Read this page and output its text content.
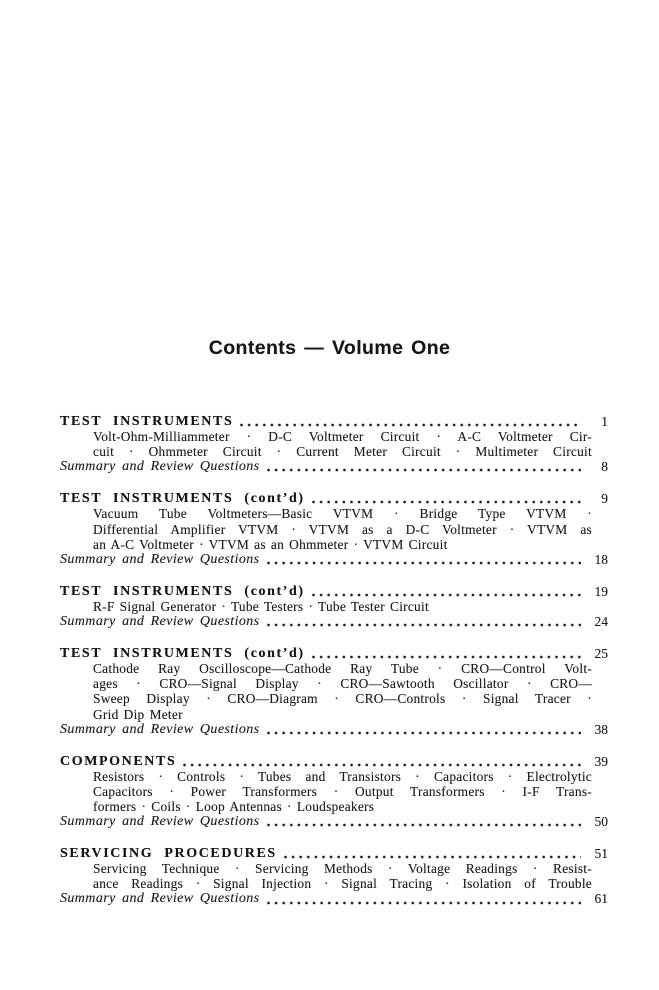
Contents — Volume One
TEST INSTRUMENTS	1
Volt-Ohm-Milliammeter · D-C Voltmeter Circuit · A-C Voltmeter Cir-
cuit · Ohmmeter Circuit · Current Meter Circuit · Multimeter Circuit
Summary and Review Questions	8
TEST INSTRUMENTS (cont’d)	9
Vacuum Tube Voltmeters—Basic VTVM · Bridge Type VTVM ·
Differential Amplifier VTVM · VTVM as a D-C Voltmeter · VTVM as
an A-C Voltmeter · VTVM as an Ohmmeter · VTVM Circuit
Summary and Review Questions	18
TEST INSTRUMENTS (cont’d)	19
R-F Signal Generator · Tube Testers · Tube Tester Circuit
Summary and Review Questions	24
TEST INSTRUMENTS (cont’d)	25
Cathode Ray Oscilloscope—Cathode Ray Tube · CRO—Control Volt-
ages · CRO—Signal Display · CRO—Sawtooth Oscillator · CRO—
Sweep Display · CRO—Diagram · CRO—Controls · Signal Tracer ·
Grid Dip Meter
Summary and Review Questions	38
COMPONENTS	39
Resistors · Controls · Tubes and Transistors · Capacitors · Electrolytic
Capacitors · Power Transformers · Output Transformers · I-F Trans-
formers · Coils · Loop Antennas · Loudspeakers
Summary and Review Questions	50
SERVICING PROCEDURES	51
Servicing Technique · Servicing Methods · Voltage Readings · Resist-
ance Readings · Signal Injection · Signal Tracing · Isolation of Trouble
Summary and Review Questions	61
